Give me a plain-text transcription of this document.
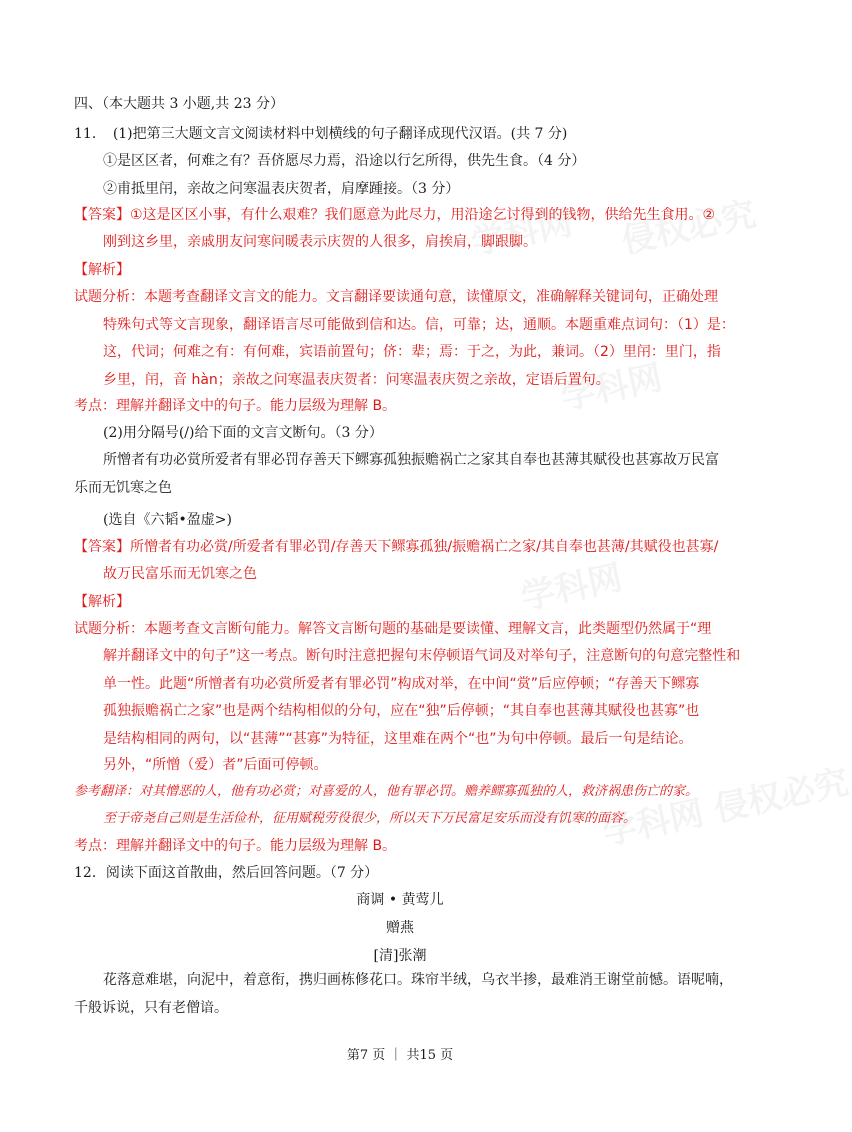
学科网 侵权必究
学科网
学科网
学科网 侵权必究
四、（本大题共 3 小题,共 23 分）
11．　(1)把第三大题文言文阅读材料中划横线的句子翻译成现代汉语。(共 7 分)
①是区区者，何难之有？吾侪愿尽力焉，沿途以行乞所得，供先生食。（4 分）
②甫抵里闬，亲故之问寒温表庆贺者，肩摩踵接。（3 分）
【答案】①这是区区小事，有什么艰难？我们愿意为此尽力，用沿途乞讨得到的钱物，供给先生食用。②
刚到这乡里，亲戚朋友问寒问暖表示庆贺的人很多，肩挨肩，脚跟脚。
【解析】
试题分析：本题考查翻译文言文的能力。文言翻译要读通句意，读懂原文，准确解释关键词句，正确处理
特殊句式等文言现象，翻译语言尽可能做到信和达。信，可靠；达，通顺。本题重难点词句：（1）是：
这，代词；何难之有：有何难，宾语前置句；侪：辈；焉：于之，为此，兼词。（2）里闬：里门，指
乡里，闬，音 hàn；亲故之问寒温表庆贺者：问寒温表庆贺之亲故，定语后置句。
考点：理解并翻译文中的句子。能力层级为理解 B。
(2)用分隔号(/)给下面的文言文断句。（3 分）
所憎者有功必赏所爱者有罪必罚存善天下鳏寡孤独振赡祸亡之家其自奉也甚薄其赋役也甚寡故万民富
乐而无饥寒之色
(选自《六韬•盈虚>)
【答案】所憎者有功必赏/所爱者有罪必罚/存善天下鳏寡孤独/振赡祸亡之家/其自奉也甚薄/其赋役也甚寡/
故万民富乐而无饥寒之色
【解析】
试题分析：本题考查文言断句能力。解答文言断句题的基础是要读懂、理解文言，此类题型仍然属于“理
解并翻译文中的句子”这一考点。断句时注意把握句末停顿语气词及对举句子，注意断句的句意完整性和
单一性。此题“所憎者有功必赏所爱者有罪必罚”构成对举，在中间“赏”后应停顿；“存善天下鳏寡
孤独振赡祸亡之家”也是两个结构相似的分句，应在“独”后停顿；“其自奉也甚薄其赋役也甚寡”也
是结构相同的两句，以“甚薄”“甚寡”为特征，这里难在两个“也”为句中停顿。最后一句是结论。
另外，“所憎（爱）者”后面可停顿。
参考翻译：对其憎恶的人，他有功必赏；对喜爱的人，他有罪必罚。赡养鳏寡孤独的人，救济祸患伤亡的家。
至于帝尧自己则是生活俭朴，征用赋税劳役很少，所以天下万民富足安乐而没有饥寒的面容。
考点：理解并翻译文中的句子。能力层级为理解 B。
12．阅读下面这首散曲，然后回答问题。（7 分）
商调 • 黄莺儿
赠燕
[清]张潮
花落意难堪，向泥中，着意衔，携归画栋修花口。珠帘半绒，乌衣半掺，最难消王谢堂前憾。语呢喃，
千般诉说，只有老僧谙。
第7 页 ｜ 共15 页
